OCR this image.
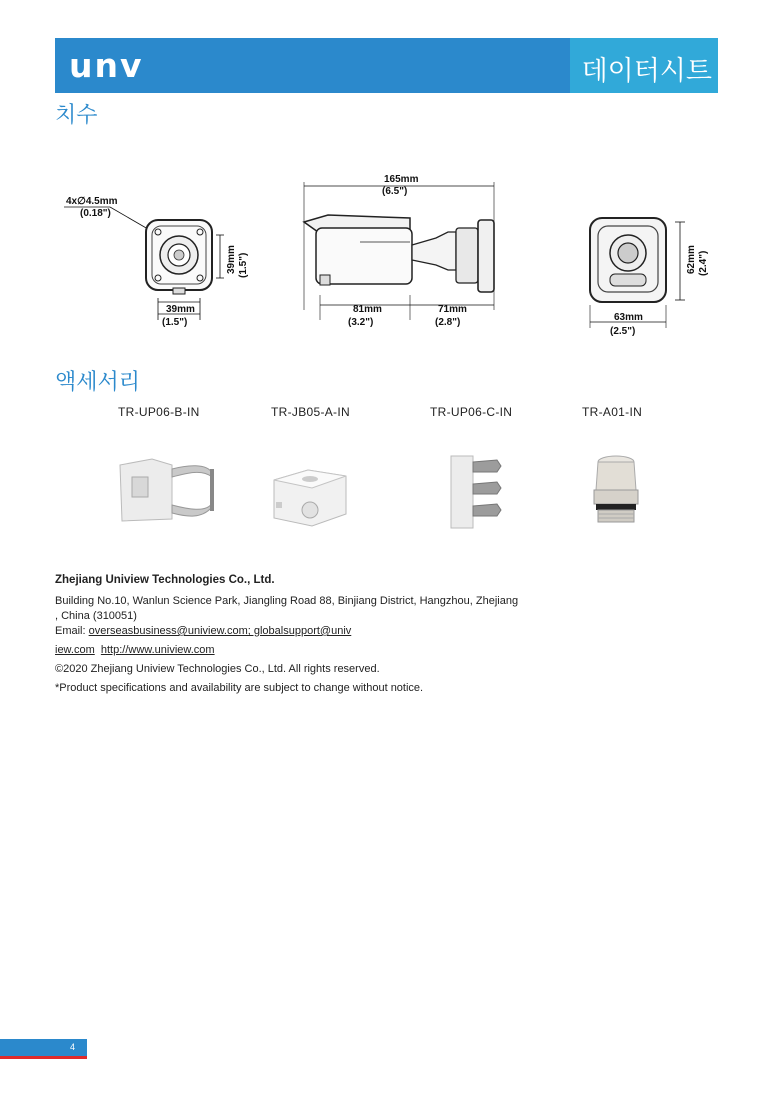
unv	데이터시트
치수
4x∅4.5mm
(0.18")
39mm (1.5")
39mm
(1.5")
165mm
(6.5")
81mm
(3.2")
71mm
(2.8")
62mm (2.4")
63mm
(2.5")
액세서리
TR-UP06-B-IN	TR-JB05-A-IN	TR-UP06-C-IN	TR-A01-IN
Zhejiang Uniview Technologies Co., Ltd.
Building No.10, Wanlun Science Park, Jiangling Road 88, Binjiang District, Hangzhou, Zhejiang
, China (310051)
Email: overseasbusiness@uniview.com; globalsupport@univ
iew.com http://www.uniview.com
©2020 Zhejiang Uniview Technologies Co., Ltd. All rights reserved.
*Product specifications and availability are subject to change without notice.
4
